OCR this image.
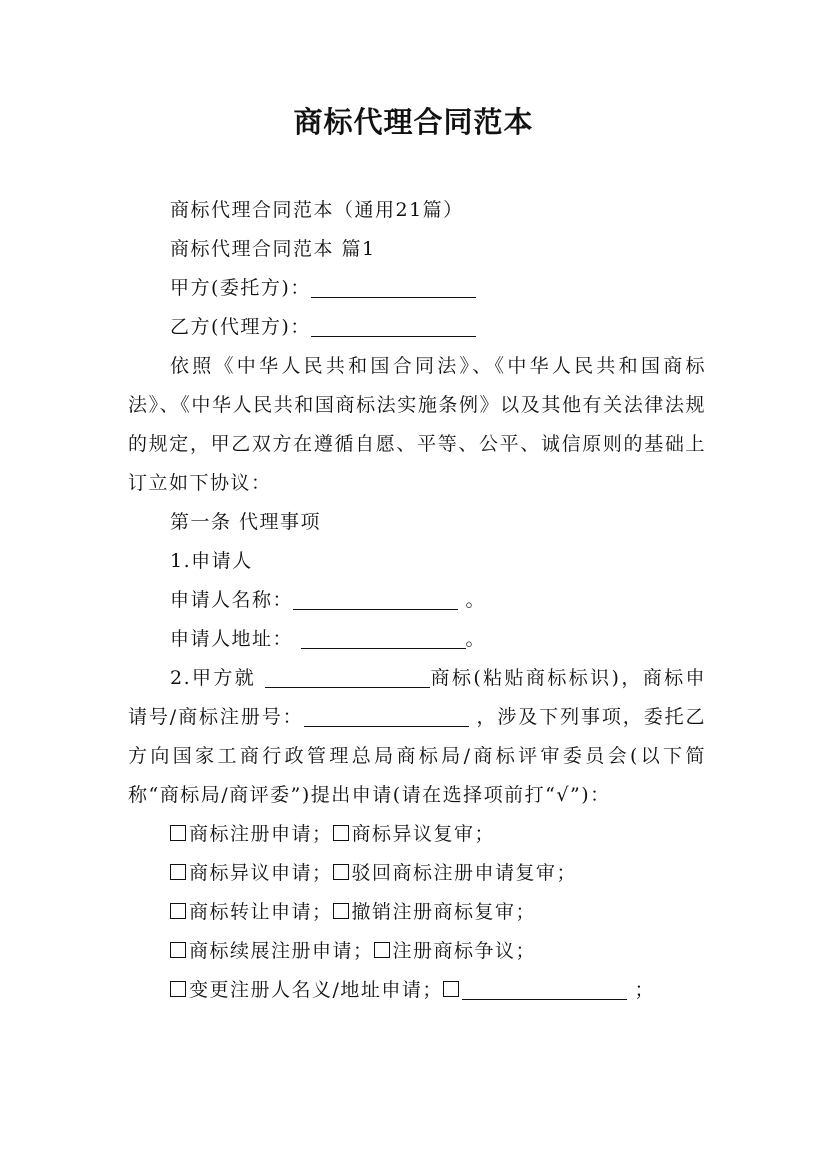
商标代理合同范本

商标代理合同范本（通用21篇）

商标代理合同范本 篇1

甲方(委托方)：

乙方(代理方)：

依照《中华人民共和国合同法》、《中华人民共和国商标法》、《中华人民共和国商标法实施条例》以及其他有关法律法规的规定，甲乙双方在遵循自愿、平等、公平、诚信原则的基础上订立如下协议：

第一条 代理事项

1.申请人

申请人名称：	。

申请人地址：	。

2.甲方就	商标(粘贴商标标识)，商标申请号/商标注册号：	，涉及下列事项，委托乙方向国家工商行政管理总局商标局/商标评审委员会(以下简称“商标局/商评委”)提出申请(请在选择项前打“√”)：

商标注册申请； 商标异议复审；

商标异议申请； 驳回商标注册申请复审；

商标转让申请； 撤销注册商标复审；

商标续展注册申请； 注册商标争议；

变更注册人名义/地址申请；	；
